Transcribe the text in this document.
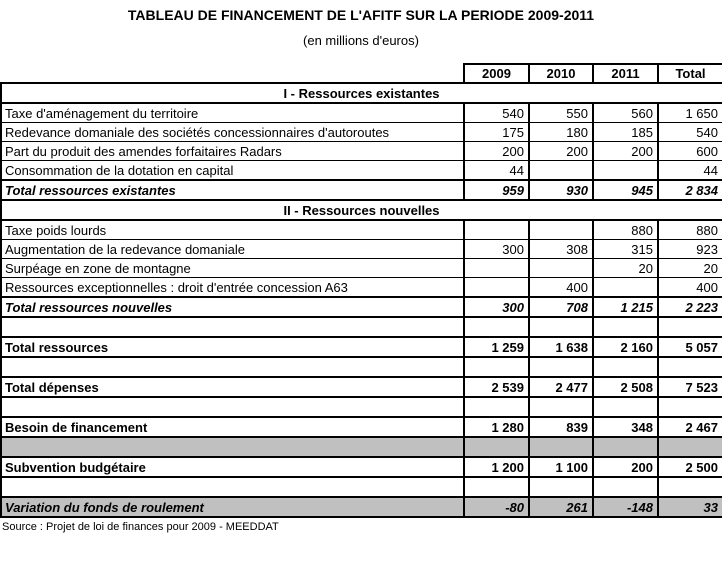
TABLEAU DE FINANCEMENT DE L'AFITF SUR LA PERIODE 2009-2011
(en millions d'euros)
	2009	2010	2011	Total
I - Ressources existantes				
Taxe d'aménagement du territoire	540	550	560	1 650
Redevance domaniale des sociétés concessionnaires d'autoroutes	175	180	185	540
Part du produit des amendes forfaitaires Radars	200	200	200	600
Consommation de la dotation en capital	44			44
Total ressources existantes	959	930	945	2 834
II - Ressources nouvelles				
Taxe poids lourds			880	880
Augmentation de la redevance domaniale	300	308	315	923
Surpéage en zone de montagne			20	20
Ressources exceptionnelles : droit d'entrée concession A63		400		400
Total ressources nouvelles	300	708	1 215	2 223

Total ressources	1 259	1 638	2 160	5 057

Total dépenses	2 539	2 477	2 508	7 523

Besoin de financement	1 280	839	348	2 467

Subvention budgétaire	1 200	1 100	200	2 500

Variation du fonds de roulement	-80	261	-148	33
Source : Projet de loi de finances pour 2009 - MEEDDAT
